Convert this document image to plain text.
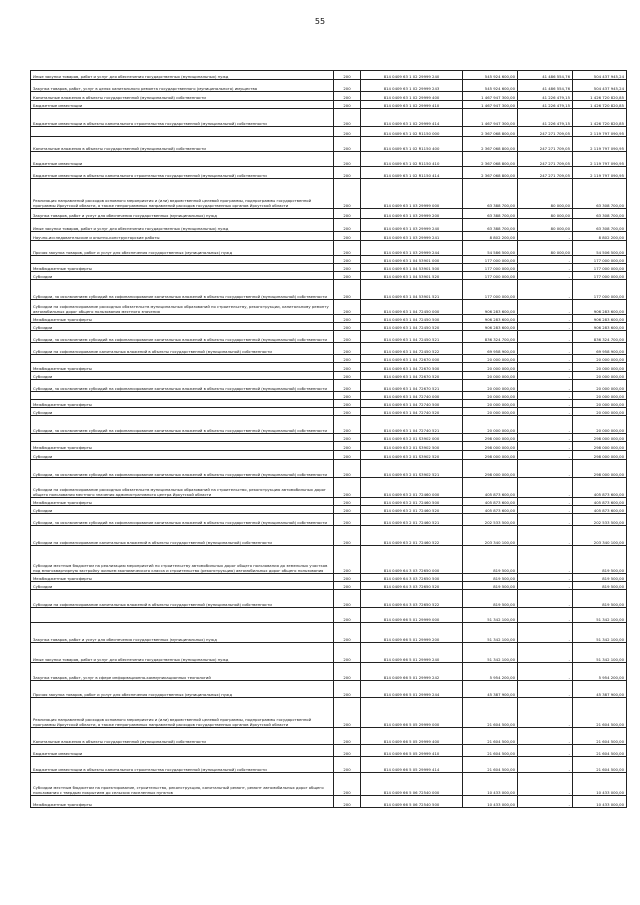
55
Иные закупки товаров, работ и услуг для обеспечения государственных (муниципальных) нужд	200	814 0409 63 1 02 29999 240	545 924 600,00	41 486 554,76	504 437 945,24
Закупка товаров, работ, услуг в целях капитального ремонта государственного (муниципального) имущества	200	814 0409 63 1 02 29999 243	545 924 600,00	41 486 554,76	504 437 945,24
Капитальные вложения в объекты государственной (муниципальной) собственности	200	814 0409 63 1 02 29999 400	1 467 947 300,00	41 226 479,15	1 426 720 820,85
Бюджетные инвестиции	200	814 0409 63 1 02 29999 410	1 467 947 300,00	41 226 479,15	1 426 720 820,85
Бюджетные инвестиции в объекты капитального строительства государственной (муниципальной) собственности	200	814 0409 63 1 02 29999 414	1 467 947 300,00	41 226 479,15	1 426 720 820,85
	200	814 0409 63 1 02 R1150 000	2 367 068 800,00	247 271 709,05	2 119 797 090,95
Капитальные вложения в объекты государственной (муниципальной) собственности	200	814 0409 63 1 02 R1150 400	2 367 068 800,00	247 271 709,05	2 119 797 090,95
Бюджетные инвестиции	200	814 0409 63 1 02 R1150 410	2 367 068 800,00	247 271 709,05	2 119 797 090,95
Бюджетные инвестиции в объекты капитального строительства государственной (муниципальной) собственности	200	814 0409 63 1 02 R1150 414	2 367 068 800,00	247 271 709,05	2 119 797 090,95
Реализация направлений расходов основного мероприятия и (или) ведомственной целевой программы, подпрограммы государственной программы Иркутской области, а также непрограммных направлений расходов государственных органов Иркутской области	200	814 0409 63 1 03 29999 000	63 388 700,00	80 000,00	63 308 700,00
Закупка товаров, работ и услуг для обеспечения государственных (муниципальных) нужд	200	814 0409 63 1 03 29999 200	63 388 700,00	80 000,00	63 308 700,00
Иные закупки товаров, работ и услуг для обеспечения государственных (муниципальных) нужд	200	814 0409 63 1 03 29999 240	63 388 700,00	80 000,00	63 308 700,00
Научно-исследовательские и опытно-конструкторские работы	200	814 0409 63 1 03 29999 241	8 802 200,00	-	8 802 200,00
Прочая закупка товаров, работ и услуг для обеспечения государственных (муниципальных) нужд	200	814 0409 63 1 03 29999 244	54 586 500,00	80 000,00	54 506 500,00
	200	814 0409 63 1 04 53901 000	177 000 000,00	-	177 000 000,00
Межбюджетные трансферты	200	814 0409 63 1 04 53901 500	177 000 000,00	-	177 000 000,00
Субсидии	200	814 0409 63 1 04 53901 520	177 000 000,00	-	177 000 000,00
Субсидии, за исключением субсидий на софинансирование капитальных вложений в объекты государственной (муниципальной) собственности	200	814 0409 63 1 04 53901 521	177 000 000,00	-	177 000 000,00
Субсидии на софинансирование расходных обязательств муниципальных образований по строительству, реконструкции, капитальному ремонту автомобильных дорог общего пользования местного значения	200	814 0409 63 1 04 72450 000	906 283 600,00	-	906 283 600,00
Межбюджетные трансферты	200	814 0409 63 1 04 72450 500	906 283 600,00	-	906 283 600,00
Субсидии	200	814 0409 63 1 04 72450 520	906 283 600,00	-	906 283 600,00
Субсидии, за исключением субсидий на софинансирование капитальных вложений в объекты государственной (муниципальной) собственности	200	814 0409 63 1 04 72450 521	836 324 700,00	-	836 324 700,00
Субсидии на софинансирование капитальных вложений в объекты государственной (муниципальной) собственности	200	814 0409 63 1 04 72450 522	69 958 900,00	-	69 958 900,00
	200	814 0409 63 1 04 72670 000	20 000 000,00	-	20 000 000,00
Межбюджетные трансферты	200	814 0409 63 1 04 72670 500	20 000 000,00	-	20 000 000,00
Субсидии	200	814 0409 63 1 04 72670 520	20 000 000,00	-	20 000 000,00
Субсидии, за исключением субсидий на софинансирование капитальных вложений в объекты государственной (муниципальной) собственности	200	814 0409 63 1 04 72670 521	20 000 000,00	-	20 000 000,00
	200	814 0409 63 1 04 72740 000	20 000 000,00	-	20 000 000,00
Межбюджетные трансферты	200	814 0409 63 1 04 72740 500	20 000 000,00	-	20 000 000,00
Субсидии	200	814 0409 63 1 04 72740 520	20 000 000,00	-	20 000 000,00
Субсидии, за исключением субсидий на софинансирование капитальных вложений в объекты государственной (муниципальной) собственности	200	814 0409 63 1 04 72740 521	20 000 000,00	-	20 000 000,00
	200	814 0409 63 2 01 S3902 000	298 000 000,00	-	298 000 000,00
Межбюджетные трансферты	200	814 0409 63 2 01 S3902 500	298 000 000,00	-	298 000 000,00
Субсидии	200	814 0409 63 2 01 S3902 520	298 000 000,00	-	298 000 000,00
Субсидии, за исключением субсидий на софинансирование капитальных вложений в объекты государственной (муниципальной) собственности	200	814 0409 63 2 01 S3902 521	298 000 000,00	-	298 000 000,00
Субсидии на софинансирование расходных обязательств муниципальных образований на строительство, реконструкцию автомобильных дорог общего пользования местного значения административного центра Иркутской области	200	814 0409 63 2 01 72460 000	405 873 600,00	-	405 873 600,00
Межбюджетные трансферты	200	814 0409 63 2 01 72460 500	405 873 600,00	-	405 873 600,00
Субсидии	200	814 0409 63 2 01 72460 520	405 873 600,00	-	405 873 600,00
Субсидии, за исключением субсидий на софинансирование капитальных вложений в объекты государственной (муниципальной) собственности	200	814 0409 63 2 01 72460 521	202 533 500,00	-	202 533 500,00
Субсидии на софинансирование капитальных вложений в объекты государственной (муниципальной) собственности	200	814 0409 63 2 01 72460 522	203 340 100,00	-	203 340 100,00
Субсидии местным бюджетам на реализацию мероприятий по строительству автомобильных дорог общего пользования до земельных участков под многоквартирную застройку жильем экономического класса и строительство (реконструкцию) автомобильных дорог общего пользования	200	814 0409 64 3 03 72650 000	819 500,00	-	819 500,00
Межбюджетные трансферты	200	814 0409 64 3 03 72650 500	819 500,00	-	819 500,00
Субсидии	200	814 0409 64 3 03 72650 520	819 500,00	-	819 500,00
Субсидии на софинансирование капитальных вложений в объекты государственной (муниципальной) собственности	200	814 0409 64 3 03 72650 522	819 500,00	-	819 500,00
	200	814 0409 66 5 01 29999 000	51 342 100,00	-	51 342 100,00
Закупка товаров, работ и услуг для обеспечения государственных (муниципальных) нужд	200	814 0409 66 5 01 29999 200	51 342 100,00	-	51 342 100,00
Иные закупки товаров, работ и услуг для обеспечения государственных (муниципальных) нужд	200	814 0409 66 5 01 29999 240	51 342 100,00	-	51 342 100,00
Закупка товаров, работ, услуг в сфере информационно-коммуникационных технологий	200	814 0409 66 5 01 29999 242	5 954 200,00	-	5 954 200,00
Прочая закупка товаров, работ и услуг для обеспечения государственных (муниципальных) нужд	200	814 0409 66 5 01 29999 244	45 387 900,00	-	45 387 900,00
Реализация направлений расходов основного мероприятия и (или) ведомственной целевой программы, подпрограммы государственной программы Иркутской области, а также непрограммных направлений расходов государственных органов Иркутской области	200	814 0409 66 5 05 29999 000	21 604 500,00	-	21 604 500,00
Капитальные вложения в объекты государственной (муниципальной) собственности	200	814 0409 66 5 05 29999 400	21 604 500,00	-	21 604 500,00
Бюджетные инвестиции	200	814 0409 66 5 05 29999 410	21 604 500,00	-	21 604 500,00
Бюджетные инвестиции в объекты капитального строительства государственной (муниципальной) собственности	200	814 0409 66 5 05 29999 414	21 604 500,00	-	21 604 500,00
Субсидии местным бюджетам на проектирование, строительство, реконструкцию, капитальный ремонт, ремонт автомобильных дорог общего пользования с твердым покрытием до сельских населенных пунктов	200	814 0409 66 5 06 72540 000	10 433 000,00	-	10 433 000,00
Межбюджетные трансферты	200	814 0409 66 5 06 72540 500	10 433 000,00	-	10 433 000,00
